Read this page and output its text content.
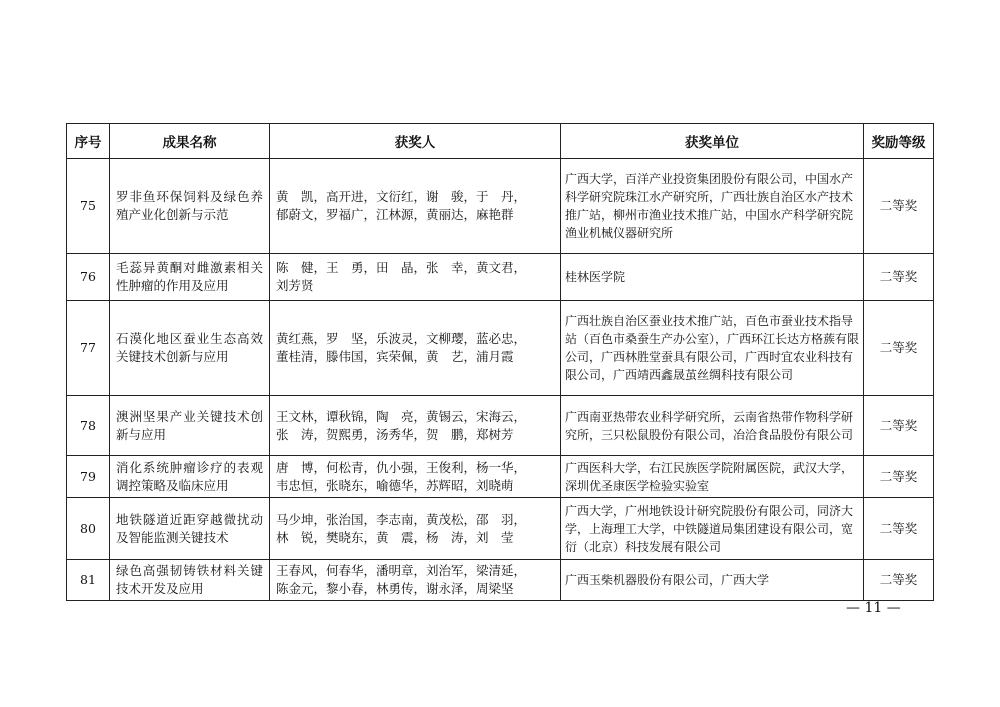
序号	成果名称	获奖人	获奖单位	奖励等级
75	罗非鱼环保饲料及绿色养殖产业化创新与示范	黄　凯，高开进，文衍红，谢　骏，于　丹，
郁蔚文，罗福广，江林源，黄丽达，麻艳群	广西大学，百洋产业投资集团股份有限公司，中国水产科学研究院珠江水产研究所，广西壮族自治区水产技术推广站，柳州市渔业技术推广站，中国水产科学研究院渔业机械仪器研究所	二等奖
76	毛蕊异黄酮对雌激素相关性肿瘤的作用及应用	陈　健，王　勇，田　晶，张　幸，黄文君，
刘芳贤	桂林医学院	二等奖
77	石漠化地区蚕业生态高效关键技术创新与应用	黄红燕，罗　坚，乐波灵，文柳璎，蓝必忠，
董桂清，滕伟国，宾荣佩，黄　艺，浦月霞	广西壮族自治区蚕业技术推广站，百色市蚕业技术指导站（百色市桑蚕生产办公室），广西环江长达方格蔟有限公司，广西林胜堂蚕具有限公司，广西时宜农业科技有限公司，广西靖西鑫晟茧丝绸科技有限公司	二等奖
78	澳洲坚果产业关键技术创新与应用	王文林，谭秋锦，陶　亮，黄锡云，宋海云，
张　涛，贺熙勇，汤秀华，贺　鹏，郑树芳	广西南亚热带农业科学研究所，云南省热带作物科学研究所，三只松鼠股份有限公司，冶洽食品股份有限公司	二等奖
79	消化系统肿瘤诊疗的表观调控策略及临床应用	唐　博，何松青，仇小强，王俊利，杨一华，
韦忠恒，张晓东，喻德华，苏辉昭，刘晓萌	广西医科大学，右江民族医学院附属医院，武汉大学，深圳优圣康医学检验实验室	二等奖
80	地铁隧道近距穿越微扰动及智能监测关键技术	马少坤，张治国，李志南，黄茂松，邵　羽，
林　锐，樊晓东，黄　震，杨　涛，刘　莹	广西大学，广州地铁设计研究院股份有限公司，同济大学，上海理工大学，中铁隧道局集团建设有限公司，宽衍（北京）科技发展有限公司	二等奖
81	绿色高强韧铸铁材料关键技术开发及应用	王春风，何春华，潘明章，刘治军，梁清延，
陈金元，黎小春，林勇传，谢永泽，周梁坚	广西玉柴机器股份有限公司，广西大学	二等奖
— 11 —
